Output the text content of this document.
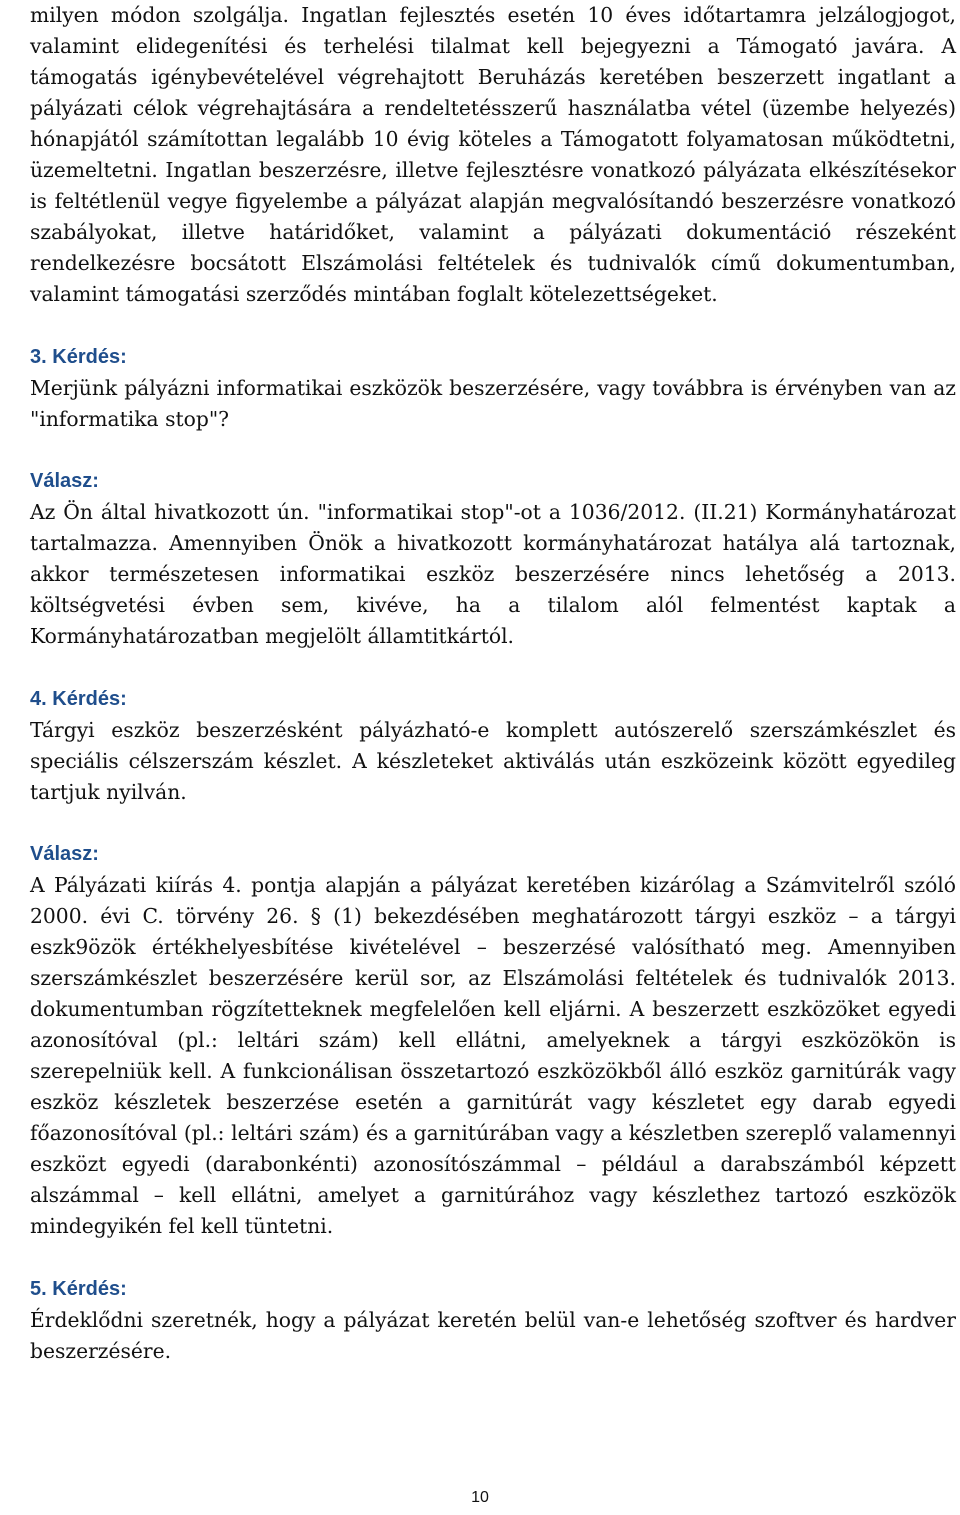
milyen módon szolgálja. Ingatlan fejlesztés esetén 10 éves időtartamra jelzálogjogot, valamint elidegenítési és terhelési tilalmat kell bejegyezni a Támogató javára. A támogatás igénybevételével végrehajtott Beruházás keretében beszerzett ingatlant a pályázati célok végrehajtására a rendeltetésszerű használatba vétel (üzembe helyezés) hónapjától számítottan legalább 10 évig köteles a Támogatott folyamatosan működtetni, üzemeltetni. Ingatlan beszerzésre, illetve fejlesztésre vonatkozó pályázata elkészítésekor is feltétlenül vegye figyelembe a pályázat alapján megvalósítandó beszerzésre vonatkozó szabályokat, illetve határidőket, valamint a pályázati dokumentáció részeként rendelkezésre bocsátott Elszámolási feltételek és tudnivalók című dokumentumban, valamint támogatási szerződés mintában foglalt kötelezettségeket.

3. Kérdés:

Merjünk pályázni informatikai eszközök beszerzésére, vagy továbbra is érvényben van az "informatika stop"?

Válasz:

Az Ön által hivatkozott ún. "informatikai stop"-ot a 1036/2012. (II.21) Kormányhatározat tartalmazza. Amennyiben Önök a hivatkozott kormányhatározat hatálya alá tartoznak, akkor természetesen informatikai eszköz beszerzésére nincs lehetőség a 2013. költségvetési évben sem, kivéve, ha a tilalom alól felmentést kaptak a Kormányhatározatban megjelölt államtitkártól.

4. Kérdés:

Tárgyi eszköz beszerzésként pályázható-e komplett autószerelő szerszámkészlet és speciális célszerszám készlet. A készleteket aktiválás után eszközeink között egyedileg tartjuk nyilván.

Válasz:

A Pályázati kiírás 4. pontja alapján a pályázat keretében kizárólag a Számvitelről szóló 2000. évi C. törvény 26. § (1) bekezdésében meghatározott tárgyi eszköz – a tárgyi eszk9özök értékhelyesbítése kivételével – beszerzésé valósítható meg. Amennyiben szerszámkészlet beszerzésére kerül sor, az Elszámolási feltételek és tudnivalók 2013. dokumentumban rögzítetteknek megfelelően kell eljárni. A beszerzett eszközöket egyedi azonosítóval (pl.: leltári szám) kell ellátni, amelyeknek a tárgyi eszközökön is szerepelniük kell. A funkcionálisan összetartozó eszközökből álló eszköz garnitúrák vagy eszköz készletek beszerzése esetén a garnitúrát vagy készletet egy darab egyedi főazonosítóval (pl.: leltári szám) és a garnitúrában vagy a készletben szereplő valamennyi eszközt egyedi (darabonkénti) azonosítószámmal – például a darabszámból képzett alszámmal – kell ellátni, amelyet a garnitúrához vagy készlethez tartozó eszközök mindegyikén fel kell tüntetni.

5. Kérdés:

Érdeklődni szeretnék, hogy a pályázat keretén belül van-e lehetőség szoftver és hardver beszerzésére.

10
